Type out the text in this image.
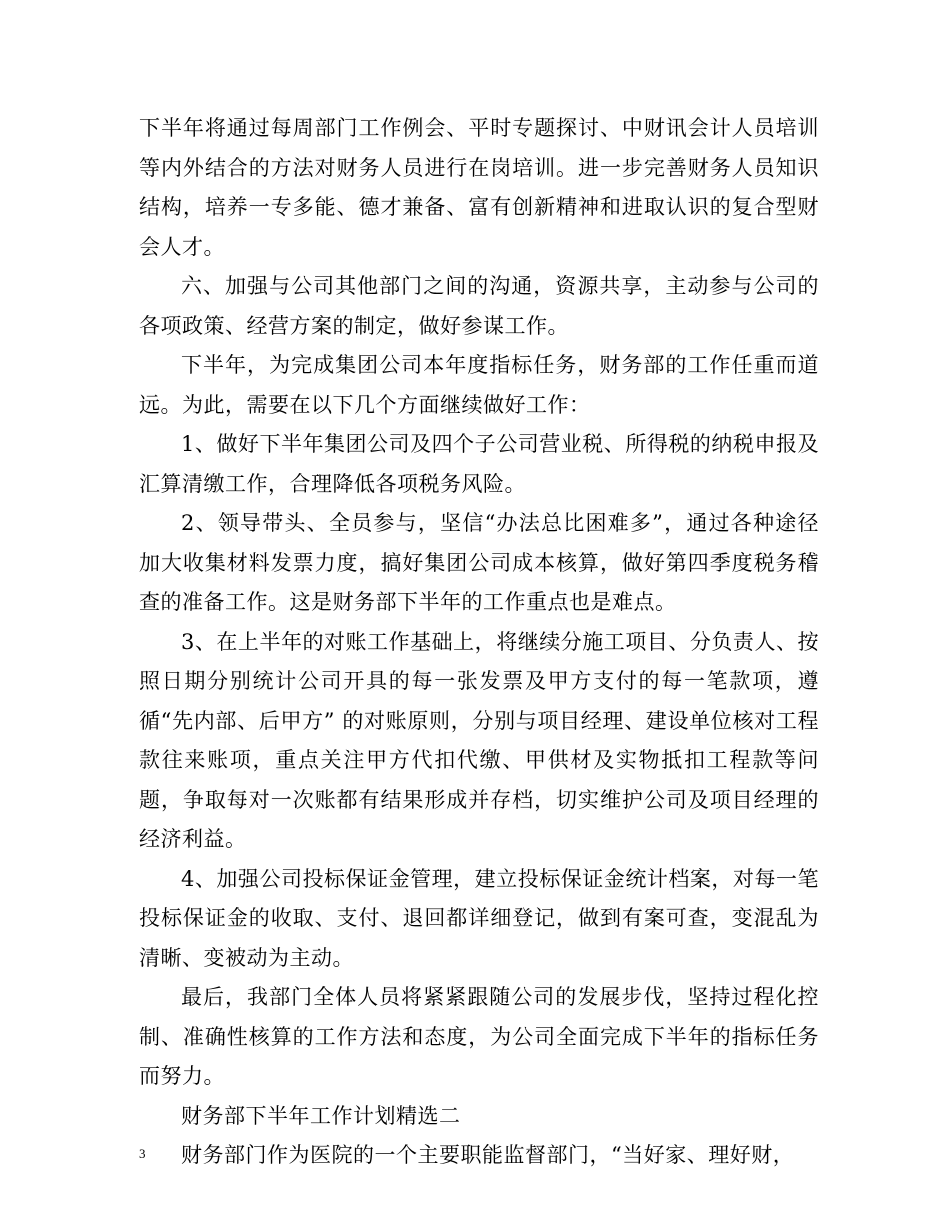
下半年将通过每周部门工作例会、平时专题探讨、中财讯会计人员培训等内外结合的方法对财务人员进行在岗培训。进一步完善财务人员知识结构，培养一专多能、德才兼备、富有创新精神和进取认识的复合型财会人才。

六、加强与公司其他部门之间的沟通，资源共享，主动参与公司的各项政策、经营方案的制定，做好参谋工作。

下半年，为完成集团公司本年度指标任务，财务部的工作任重而道远。为此，需要在以下几个方面继续做好工作：

1、做好下半年集团公司及四个子公司营业税、所得税的纳税申报及汇算清缴工作，合理降低各项税务风险。

2、领导带头、全员参与，坚信“办法总比困难多”，通过各种途径加大收集材料发票力度，搞好集团公司成本核算，做好第四季度税务稽查的准备工作。这是财务部下半年的工作重点也是难点。

3、在上半年的对账工作基础上，将继续分施工项目、分负责人、按照日期分别统计公司开具的每一张发票及甲方支付的每一笔款项，遵循“先内部、后甲方” 的对账原则，分别与项目经理、建设单位核对工程款往来账项，重点关注甲方代扣代缴、甲供材及实物抵扣工程款等问题，争取每对一次账都有结果形成并存档，切实维护公司及项目经理的经济利益。

4、加强公司投标保证金管理，建立投标保证金统计档案，对每一笔投标保证金的收取、支付、退回都详细登记，做到有案可查，变混乱为清晰、变被动为主动。

最后，我部门全体人员将紧紧跟随公司的发展步伐，坚持过程化控制、准确性核算的工作方法和态度，为公司全面完成下半年的指标任务而努力。

财务部下半年工作计划精选二

财务部门作为医院的一个主要职能监督部门，“当好家、理好财，

3
